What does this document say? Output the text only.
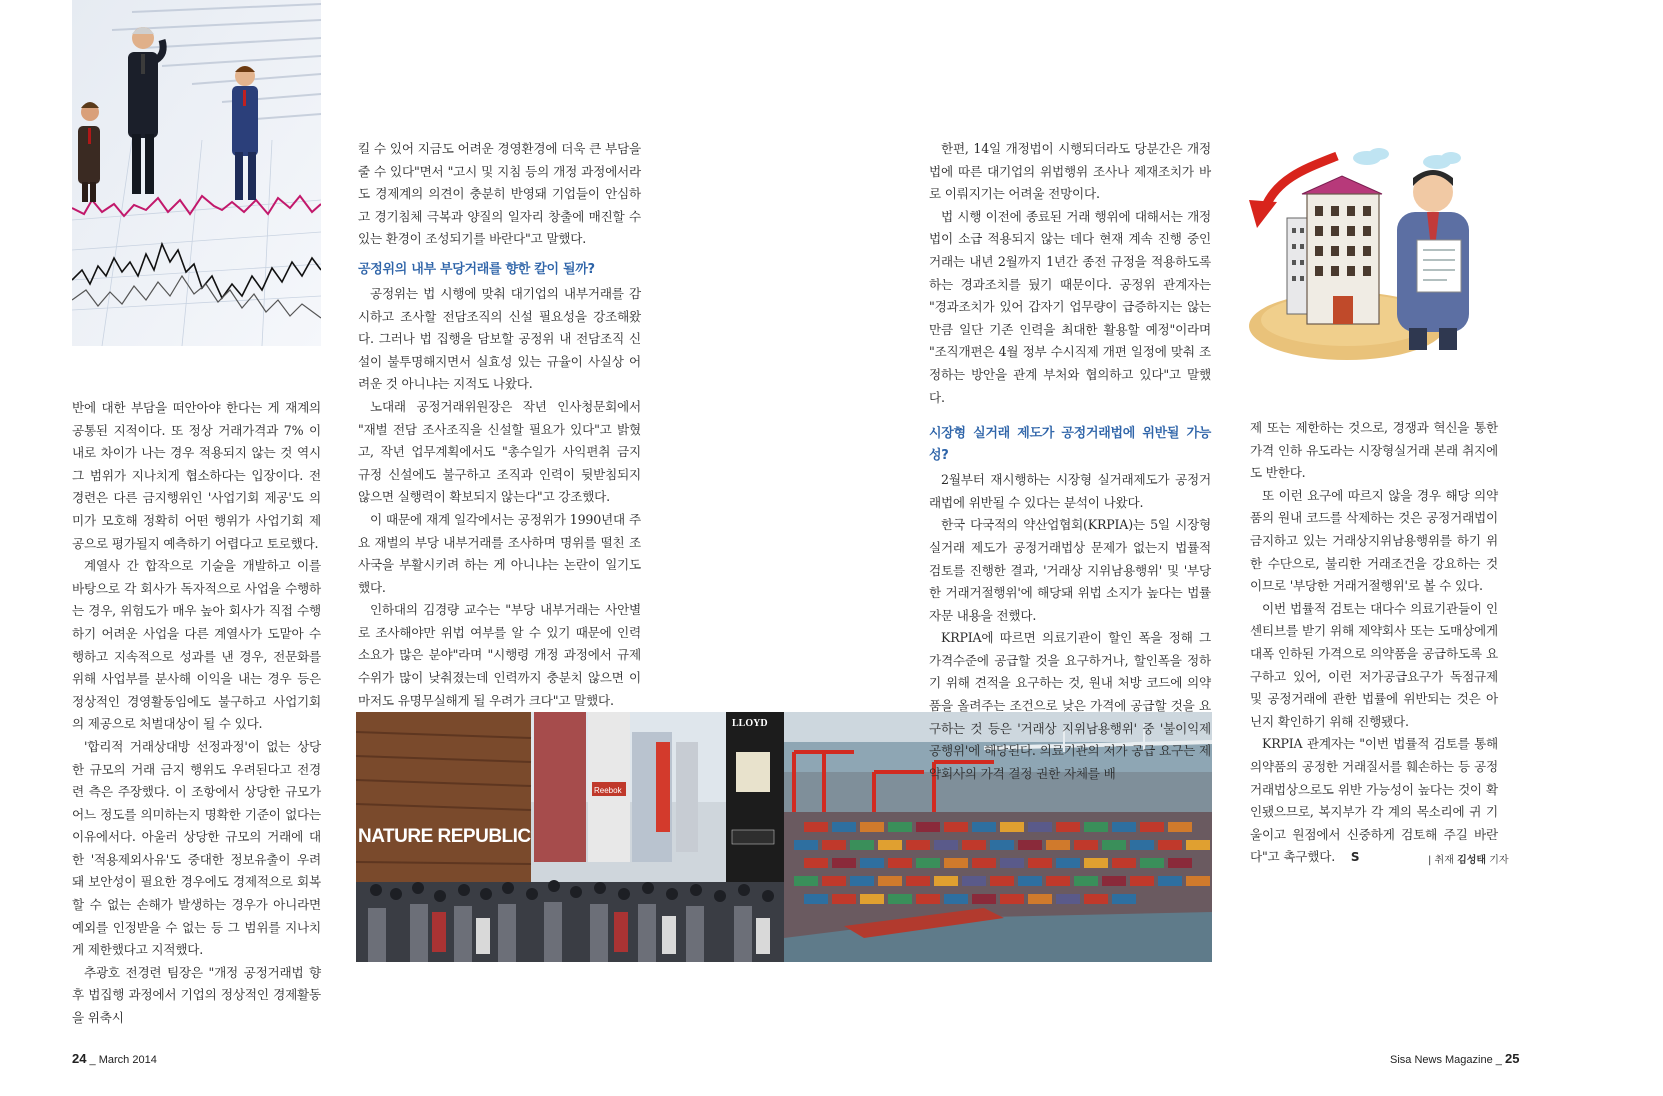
NATURE REPUBLIC
Reebok
LLOYD

반에 대한 부담을 떠안아야 한다는 게 재계의 공통된 지적이다. 또 정상 거래가격과 7% 이내로 차이가 나는 경우 적용되지 않는 것 역시 그 범위가 지나치게 협소하다는 입장이다. 전경련은 다른 금지행위인 '사업기회 제공'도 의미가 모호해 정확히 어떤 행위가 사업기회 제공으로 평가될지 예측하기 어렵다고 토로했다.

계열사 간 합작으로 기술을 개발하고 이를 바탕으로 각 회사가 독자적으로 사업을 수행하는 경우, 위험도가 매우 높아 회사가 직접 수행하기 어려운 사업을 다른 계열사가 도맡아 수행하고 지속적으로 성과를 낸 경우, 전문화를 위해 사업부를 분사해 이익을 내는 경우 등은 정상적인 경영활동임에도 불구하고 사업기회의 제공으로 처벌대상이 될 수 있다.

'합리적 거래상대방 선정과정'이 없는 상당한 규모의 거래 금지 행위도 우려된다고 전경련 측은 주장했다. 이 조항에서 상당한 규모가 어느 정도를 의미하는지 명확한 기준이 없다는 이유에서다. 아울러 상당한 규모의 거래에 대한 '적용제외사유'도 중대한 정보유출이 우려돼 보안성이 필요한 경우에도 경제적으로 회복할 수 없는 손해가 발생하는 경우가 아니라면 예외를 인정받을 수 없는 등 그 범위를 지나치게 제한했다고 지적했다.

추광호 전경련 팀장은 "개정 공정거래법 향후 법집행 과정에서 기업의 정상적인 경제활동을 위축시

킬 수 있어 지금도 어려운 경영환경에 더욱 큰 부담을 줄 수 있다"면서 "고시 및 지침 등의 개정 과정에서라도 경제계의 의견이 충분히 반영돼 기업들이 안심하고 경기침체 극복과 양질의 일자리 창출에 매진할 수 있는 환경이 조성되기를 바란다"고 말했다.

공정위의 내부 부당거래를 향한 칼이 될까?

공정위는 법 시행에 맞춰 대기업의 내부거래를 감시하고 조사할 전담조직의 신설 필요성을 강조해왔다. 그러나 법 집행을 담보할 공정위 내 전담조직 신설이 불투명해지면서 실효성 있는 규율이 사실상 어려운 것 아니냐는 지적도 나왔다.

노대래 공정거래위원장은 작년 인사청문회에서 "재벌 전담 조사조직을 신설할 필요가 있다"고 밝혔고, 작년 업무계획에서도 "총수일가 사익편취 금지 규정 신설에도 불구하고 조직과 인력이 뒷받침되지 않으면 실행력이 확보되지 않는다"고 강조했다.

이 때문에 재계 일각에서는 공정위가 1990년대 주요 재벌의 부당 내부거래를 조사하며 명위를 떨친 조사국을 부활시키려 하는 게 아니냐는 논란이 일기도 했다.

인하대의 김경량 교수는 "부당 내부거래는 사안별로 조사해야만 위법 여부를 알 수 있기 때문에 인력 소요가 많은 분야"라며 "시행령 개정 과정에서 규제 수위가 많이 낮춰졌는데 인력까지 충분치 않으면 이마저도 유명무실해게 될 우려가 크다"고 말했다.

한편, 14일 개정법이 시행되더라도 당분간은 개정법에 따른 대기업의 위법행위 조사나 제재조치가 바로 이뤄지기는 어려울 전망이다.

법 시행 이전에 종료된 거래 행위에 대해서는 개정법이 소급 적용되지 않는 데다 현재 계속 진행 중인 거래는 내년 2월까지 1년간 종전 규정을 적용하도록 하는 경과조치를 뒀기 때문이다. 공정위 관계자는 "경과조치가 있어 갑자기 업무량이 급증하지는 않는 만큼 일단 기존 인력을 최대한 활용할 예정"이라며 "조직개편은 4월 정부 수시직제 개편 일정에 맞춰 조정하는 방안을 관계 부처와 협의하고 있다"고 말했다.

시장형 실거래 제도가 공정거래법에 위반될 가능성?

2월부터 재시행하는 시장형 실거래제도가 공정거래법에 위반될 수 있다는 분석이 나왔다.

한국 다국적의 약산업협회(KRPIA)는 5일 시장형 실거래 제도가 공정거래법상 문제가 없는지 법률적 검토를 진행한 결과, '거래상 지위남용행위' 및 '부당한 거래거절행위'에 해당돼 위법 소지가 높다는 법률자문 내용을 전했다.

KRPIA에 따르면 의료기관이 할인 폭을 정해 그 가격수준에 공급할 것을 요구하거나, 할인폭을 정하기 위해 견적을 요구하는 것, 원내 처방 코드에 의약품을 올려주는 조건으로 낮은 가격에 공급할 것을 요구하는 것 등은 '거래상 지위남용행위' 중 '불이익제공행위'에 해당된다. 의료기관의 저가 공급 요구는 제약회사의 가격 결정 권한 자체를 배

제 또는 제한하는 것으로, 경쟁과 혁신을 통한 가격 인하 유도라는 시장형실거래 본래 취지에도 반한다.

또 이런 요구에 따르지 않을 경우 해당 의약품의 원내 코드를 삭제하는 것은 공정거래법이 금지하고 있는 거래상지위남용행위를 하기 위한 수단으로, 불리한 거래조건을 강요하는 것이므로 '부당한 거래거절행위'로 볼 수 있다.

이번 법률적 검토는 대다수 의료기관들이 인센티브를 받기 위해 제약회사 또는 도매상에게 대폭 인하된 가격으로 의약품을 공급하도록 요구하고 있어, 이런 저가공급요구가 독점규제 및 공정거래에 관한 법률에 위반되는 것은 아닌지 확인하기 위해 진행됐다.

KRPIA 관계자는 "이번 법률적 검토를 통해 의약품의 공정한 거래질서를 훼손하는 등 공정거래법상으로도 위반 가능성이 높다는 것이 확인됐으므로, 복지부가 각 계의 목소리에 귀 기울이고 원점에서 신중하게 검토해 주길 바란다"고 촉구했다. S	| 취재 김성태 기자
24 _ March 2014	Sisa News Magazine _ 25
